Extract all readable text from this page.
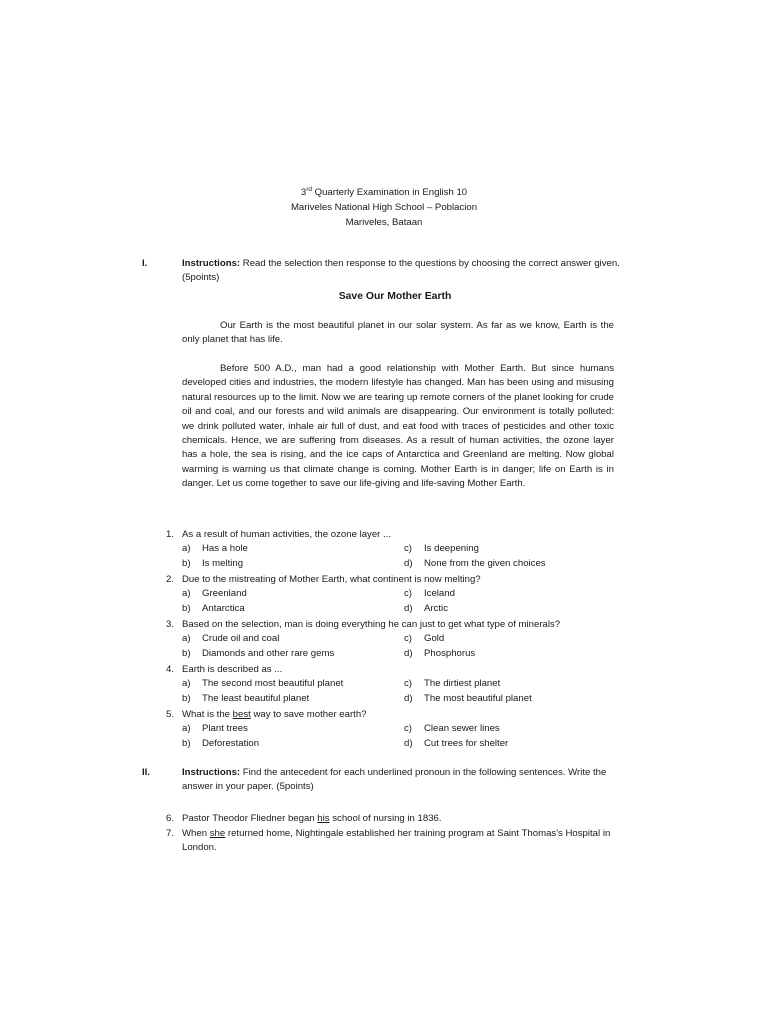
3rd Quarterly Examination in English 10
Mariveles National High School – Poblacion
Mariveles, Bataan
I.	Instructions: Read the selection then response to the questions by choosing the correct answer given. (5points)
Save Our Mother Earth
Our Earth is the most beautiful planet in our solar system. As far as we know, Earth is the only planet that has life.
Before 500 A.D., man had a good relationship with Mother Earth. But since humans developed cities and industries, the modern lifestyle has changed. Man has been using and misusing natural resources up to the limit. Now we are tearing up remote corners of the planet looking for crude oil and coal, and our forests and wild animals are disappearing. Our environment is totally polluted: we drink polluted water, inhale air full of dust, and eat food with traces of pesticides and other toxic chemicals. Hence, we are suffering from diseases. As a result of human activities, the ozone layer has a hole, the sea is rising, and the ice caps of Antarctica and Greenland are melting. Now global warming is warning us that climate change is coming. Mother Earth is in danger; life on Earth is in danger. Let us come together to save our life-giving and life-saving Mother Earth.
1. As a result of human activities, the ozone layer ...
a)	Has a hole	c)	Is deepening
b)	Is melting	d)	None from the given choices
2. Due to the mistreating of Mother Earth, what continent is now melting?
a)	Greenland	c)	Iceland
b)	Antarctica	d)	Arctic
3. Based on the selection, man is doing everything he can just to get what type of minerals?
a)	Crude oil and coal	c)	Gold
b)	Diamonds and other rare gems	d)	Phosphorus
4. Earth is described as ...
a)	The second most beautiful planet	c)	The dirtiest planet
b)	The least beautiful planet	d)	The most beautiful planet
5. What is the best way to save mother earth?
a)	Plant trees	c)	Clean sewer lines
b)	Deforestation	d)	Cut trees for shelter
II.	Instructions: Find the antecedent for each underlined pronoun in the following sentences. Write the answer in your paper. (5points)
6. Pastor Theodor Fliedner began his school of nursing in 1836.
7. When she returned home, Nightingale established her training program at Saint Thomas's Hospital in London.
